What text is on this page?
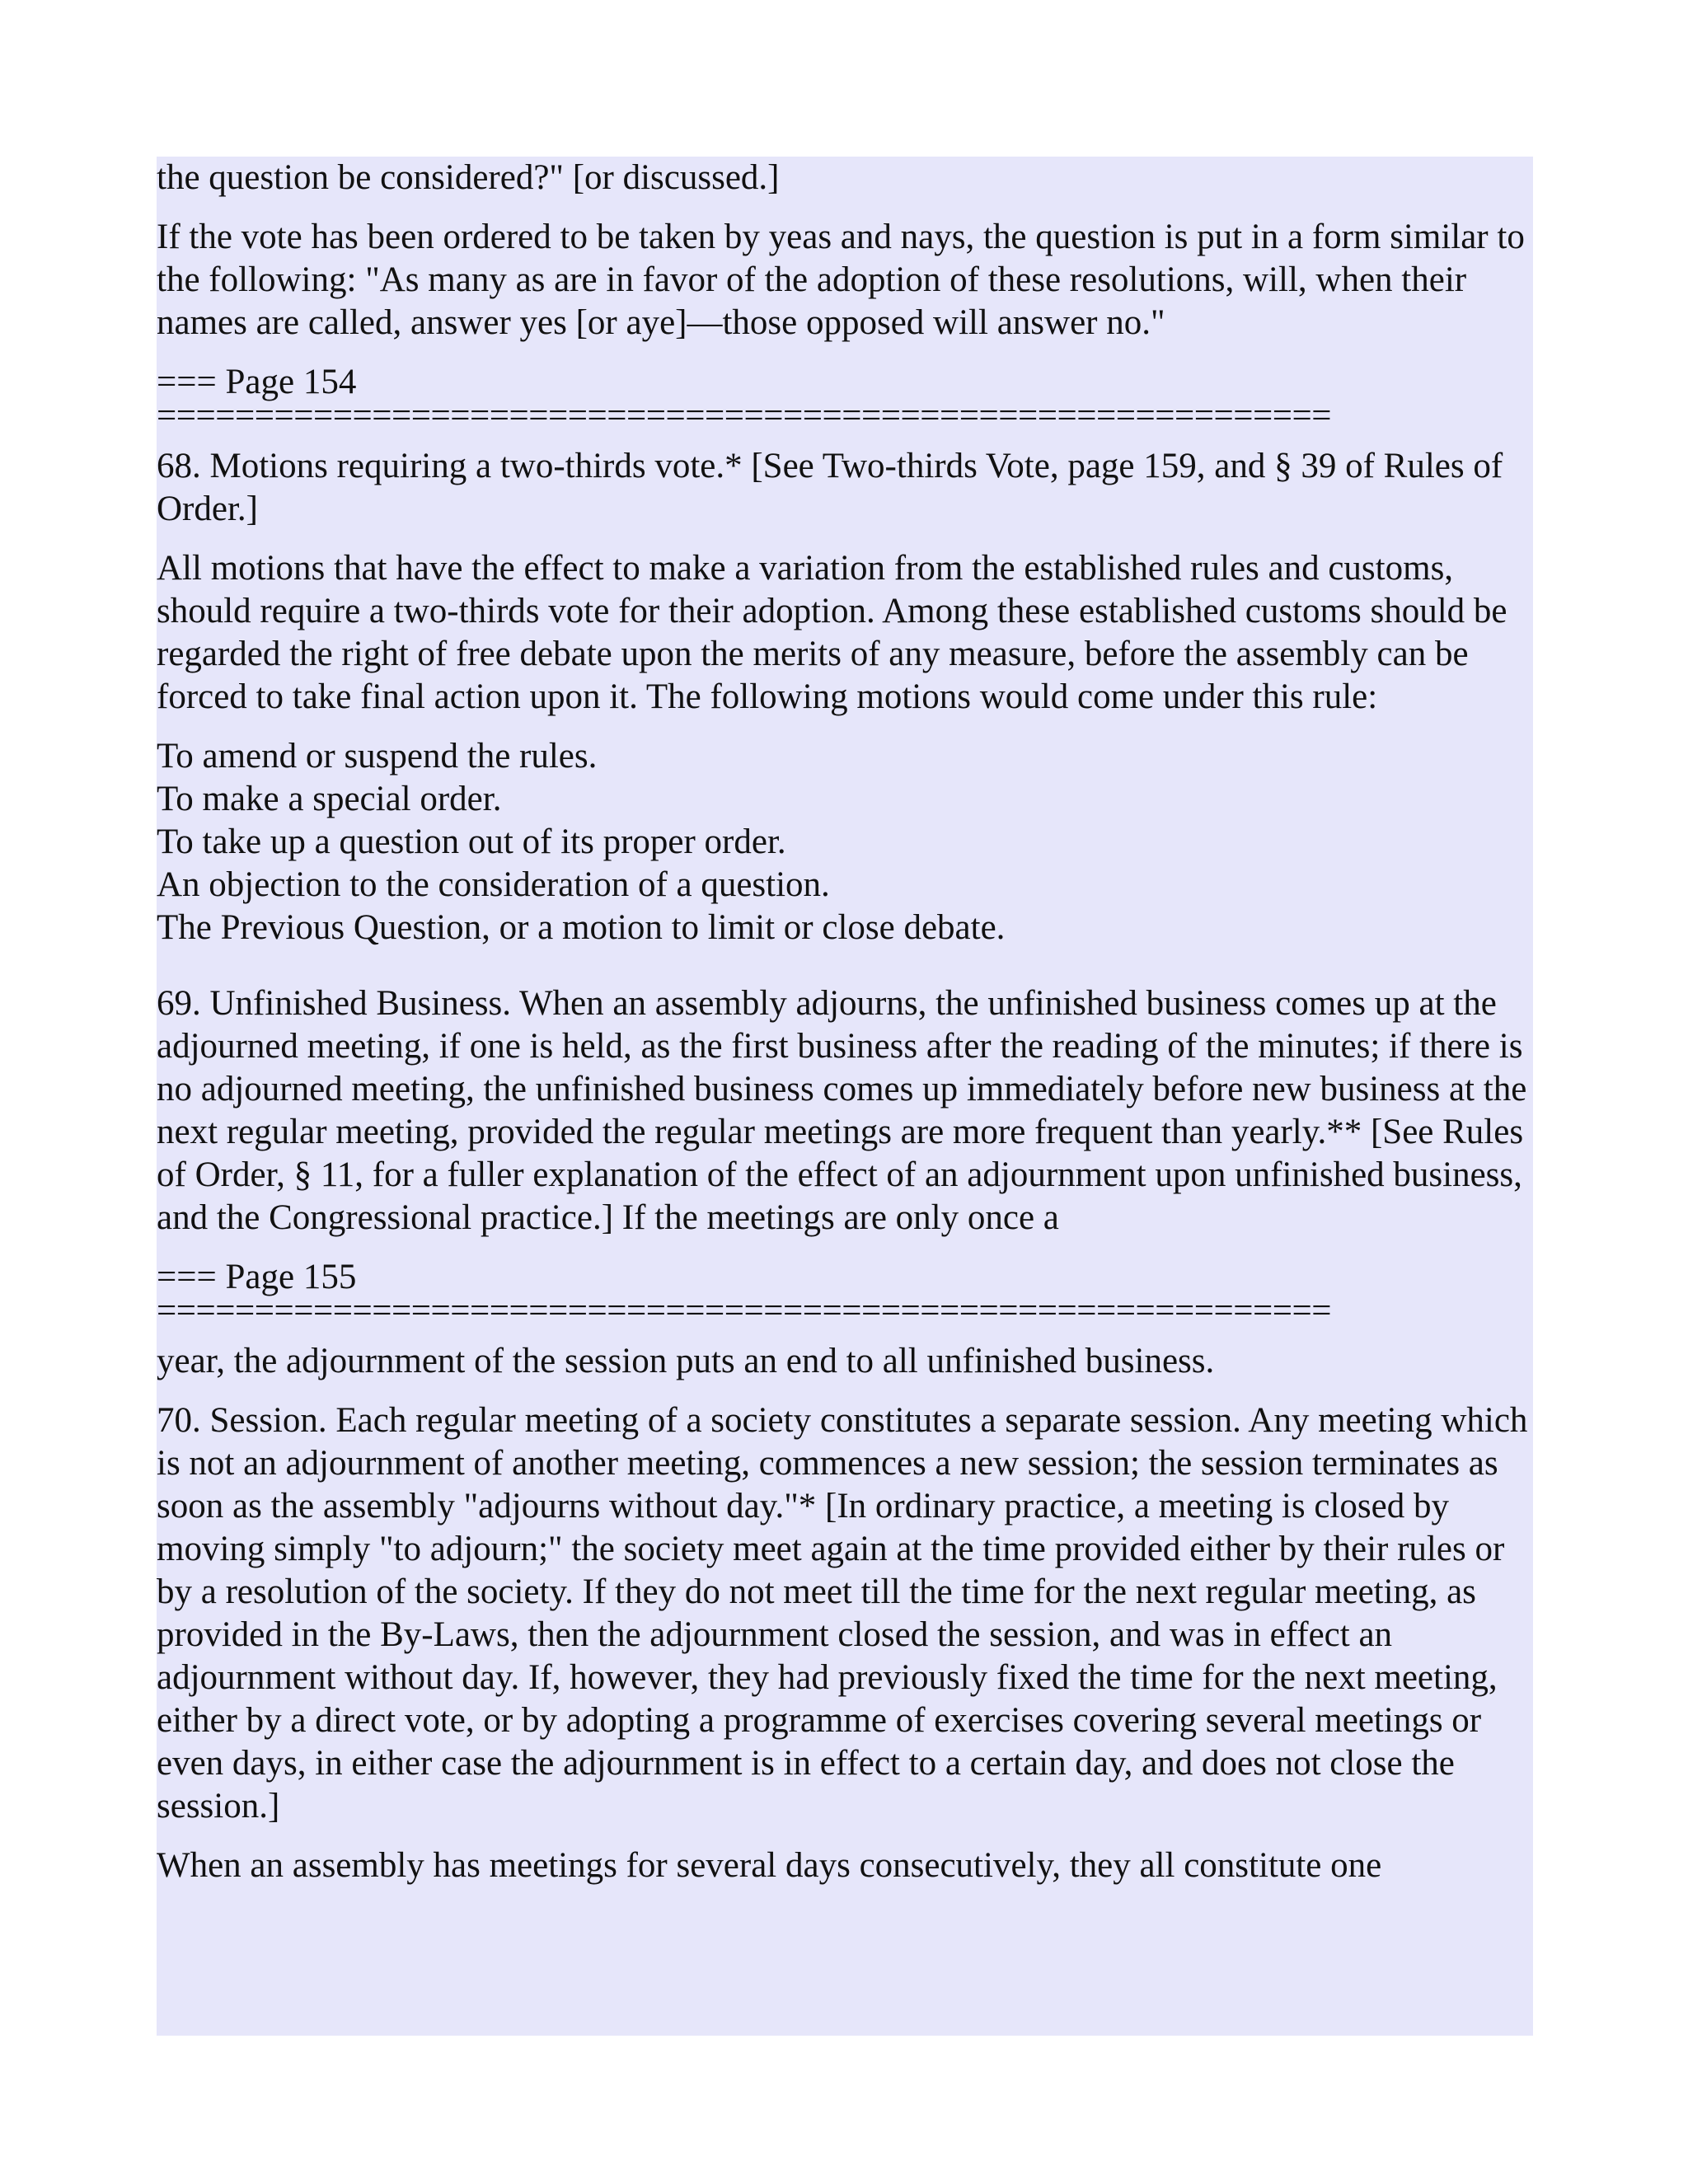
the question be considered?" [or discussed.]

If the vote has been ordered to be taken by yeas and nays, the question is put in a form similar to the following: "As many as are in favor of the adoption of these resolutions, will, when their names are called, answer yes [or aye]—those opposed will answer no."

=== Page 154
============================================================

68. Motions requiring a two-thirds vote.* [See Two-thirds Vote, page 159, and § 39 of Rules of Order.]

All motions that have the effect to make a variation from the established rules and customs, should require a two-thirds vote for their adoption. Among these established customs should be regarded the right of free debate upon the merits of any measure, before the assembly can be forced to take final action upon it. The following motions would come under this rule:

To amend or suspend the rules.
To make a special order.
To take up a question out of its proper order.
An objection to the consideration of a question.
The Previous Question, or a motion to limit or close debate.

69. Unfinished Business. When an assembly adjourns, the unfinished business comes up at the adjourned meeting, if one is held, as the first business after the reading of the minutes; if there is no adjourned meeting, the unfinished business comes up immediately before new business at the next regular meeting, provided the regular meetings are more frequent than yearly.** [See Rules of Order, § 11, for a fuller explanation of the effect of an adjournment upon unfinished business, and the Congressional practice.] If the meetings are only once a

=== Page 155
============================================================

year, the adjournment of the session puts an end to all unfinished business.

70. Session. Each regular meeting of a society constitutes a separate session. Any meeting which is not an adjournment of another meeting, commences a new session; the session terminates as soon as the assembly "adjourns without day."* [In ordinary practice, a meeting is closed by moving simply "to adjourn;" the society meet again at the time provided either by their rules or by a resolution of the society. If they do not meet till the time for the next regular meeting, as provided in the By-Laws, then the adjournment closed the session, and was in effect an adjournment without day. If, however, they had previously fixed the time for the next meeting, either by a direct vote, or by adopting a programme of exercises covering several meetings or even days, in either case the adjournment is in effect to a certain day, and does not close the session.]

When an assembly has meetings for several days consecutively, they all constitute one
